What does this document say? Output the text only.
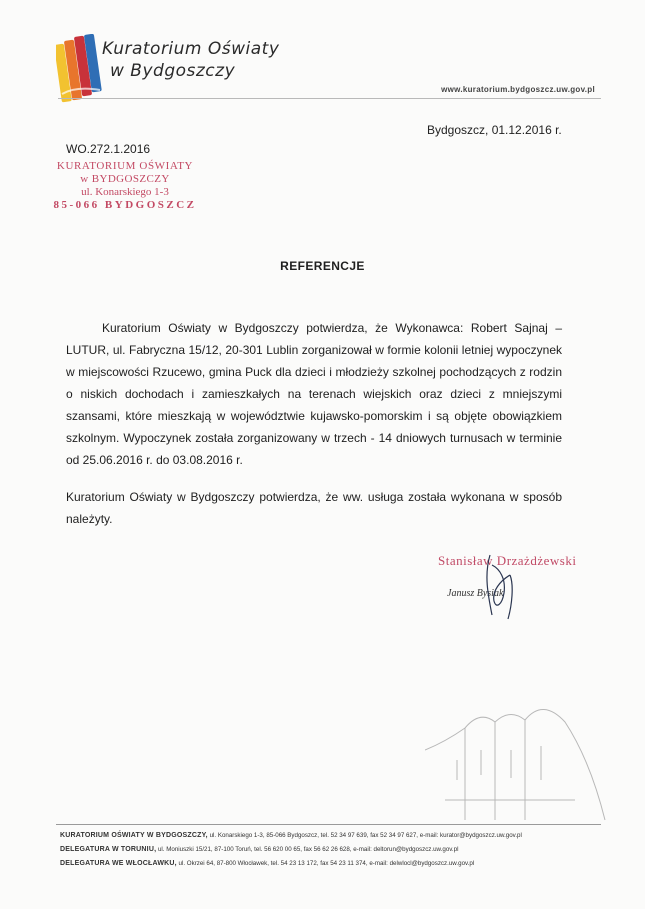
Kuratorium Oświaty
w Bydgoszczy
www.kuratorium.bydgoszcz.uw.gov.pl
Bydgoszcz, 01.12.2016 r.
WO.272.1.2016
KURATORIUM OŚWIATY
w BYDGOSZCZY
ul. Konarskiego 1-3
85-066 BYDGOSZCZ
REFERENCJE

Kuratorium Oświaty w Bydgoszczy potwierdza, że Wykonawca: Robert Sajnaj – LUTUR, ul. Fabryczna 15/12, 20-301 Lublin zorganizował w formie kolonii letniej wypoczynek w miejscowości Rzucewo, gmina Puck dla dzieci i młodzieży szkolnej pochodzących z rodzin o niskich dochodach i zamieszkałych na terenach wiejskich oraz dzieci z mniejszymi szansami, które mieszkają w województwie kujawsko-pomorskim i są objęte obowiązkiem szkolnym. Wypoczynek została zorganizowany w trzech - 14 dniowych turnusach w terminie od 25.06.2016 r. do 03.08.2016 r.

Kuratorium Oświaty w Bydgoszczy potwierdza, że ww. usługa została wykonana w sposób należyty.

Stanisław Drzażdżewski
Janusz Bysiak
KURATORIUM OŚWIATY W BYDGOSZCZY, ul. Konarskiego 1-3, 85-066 Bydgoszcz, tel. 52 34 97 639, fax 52 34 97 627, e-mail: kurator@bydgoszcz.uw.gov.pl
DELEGATURA W TORUNIU, ul. Moniuszki 15/21, 87-100 Toruń, tel. 56 620 00 65, fax 56 62 26 628, e-mail: deltorun@bydgoszcz.uw.gov.pl
DELEGATURA WE WŁOCŁAWKU, ul. Okrzei 64, 87-800 Włocławek, tel. 54 23 13 172, fax 54 23 11 374, e-mail: delwlocl@bydgoszcz.uw.gov.pl
